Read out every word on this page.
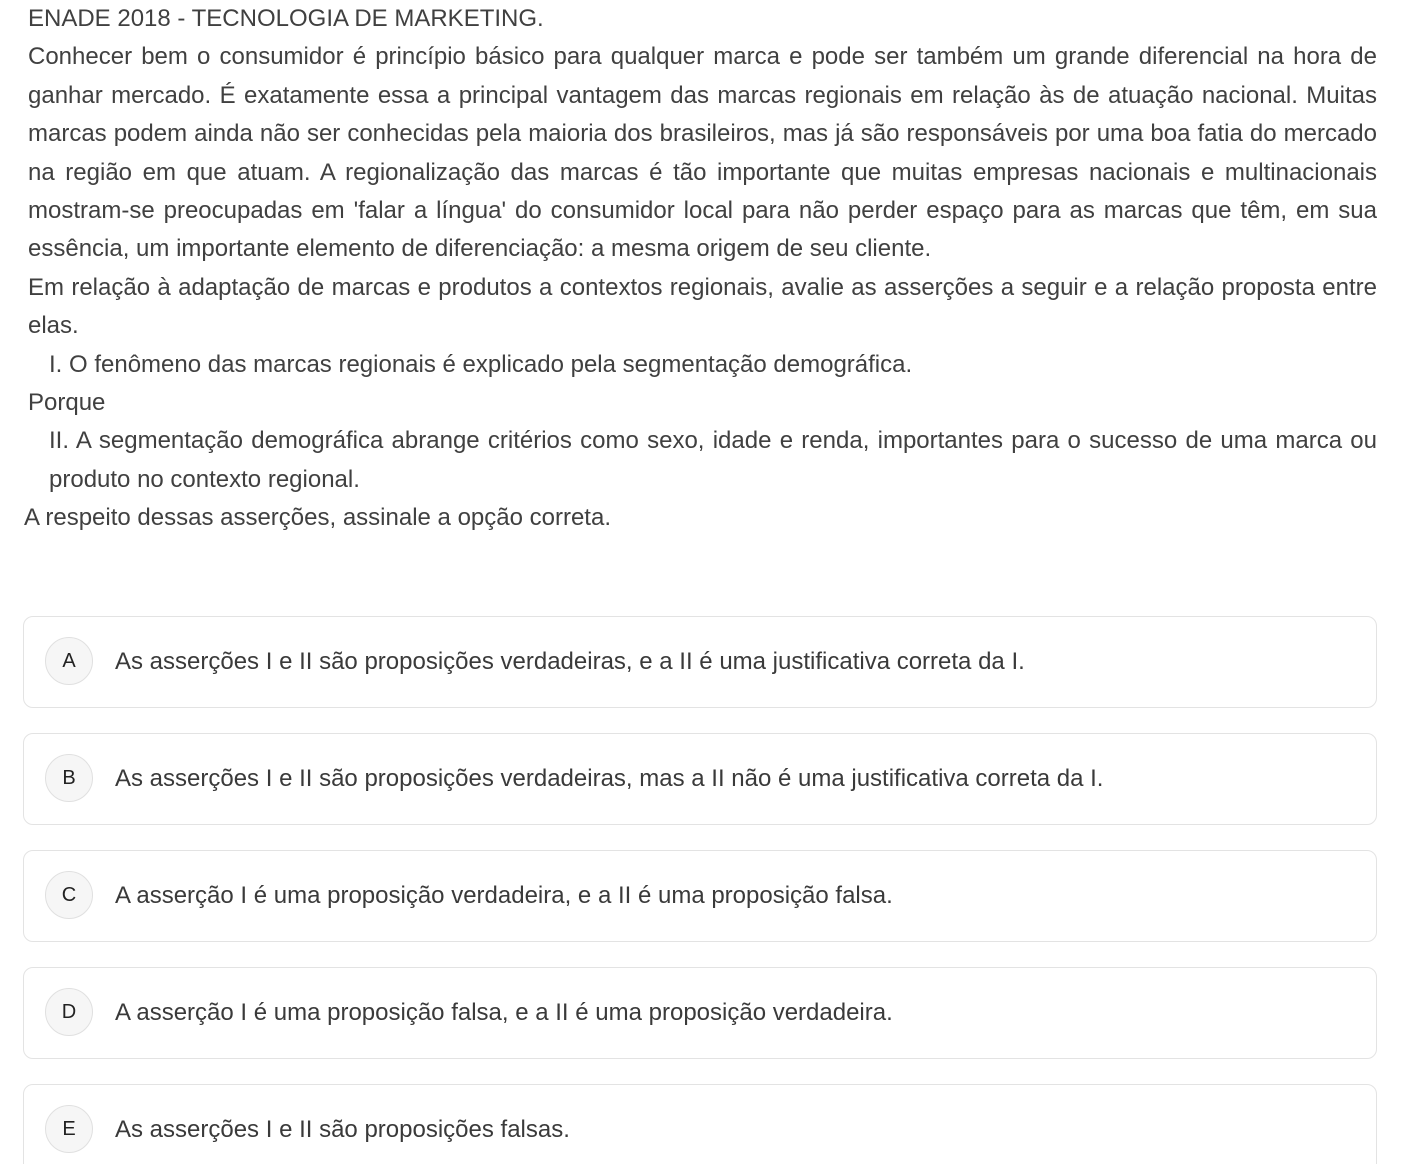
ENADE 2018 - TECNOLOGIA DE MARKETING.

Conhecer bem o consumidor é princípio básico para qualquer marca e pode ser também um grande diferencial na hora de ganhar mercado. É exatamente essa a principal vantagem das marcas regionais em relação às de atuação nacional. Muitas marcas podem ainda não ser conhecidas pela maioria dos brasileiros, mas já são responsáveis por uma boa fatia do mercado na região em que atuam. A regionalização das marcas é tão importante que muitas empresas nacionais e multinacionais mostram-se preocupadas em 'falar a língua' do consumidor local para não perder espaço para as marcas que têm, em sua essência, um importante elemento de diferenciação: a mesma origem de seu cliente.

Em relação à adaptação de marcas e produtos a contextos regionais, avalie as asserções a seguir e a relação proposta entre elas.

I. O fenômeno das marcas regionais é explicado pela segmentação demográfica.

Porque

II. A segmentação demográfica abrange critérios como sexo, idade e renda, importantes para o sucesso de uma marca ou produto no contexto regional.

A respeito dessas asserções, assinale a opção correta.

A	As asserções I e II são proposições verdadeiras, e a II é uma justificativa correta da I.
B	As asserções I e II são proposições verdadeiras, mas a II não é uma justificativa correta da I.
C	A asserção I é uma proposição verdadeira, e a II é uma proposição falsa.
D	A asserção I é uma proposição falsa, e a II é uma proposição verdadeira.
E	As asserções I e II são proposições falsas.
